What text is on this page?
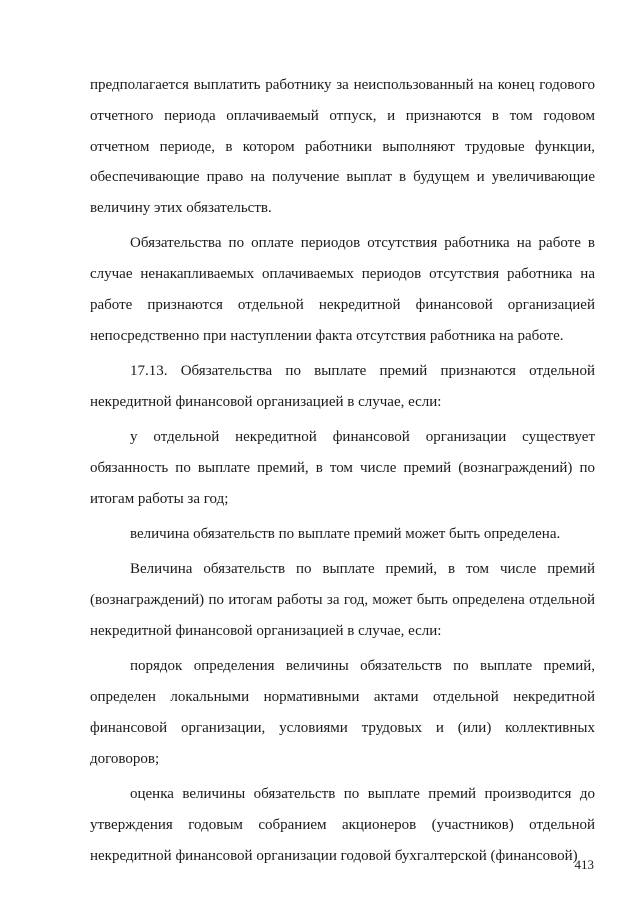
предполагается выплатить работнику за неиспользованный на конец годового отчетного периода оплачиваемый отпуск, и признаются в том годовом отчетном периоде, в котором работники выполняют трудовые функции, обеспечивающие право на получение выплат в будущем и увеличивающие величину этих обязательств.

Обязательства по оплате периодов отсутствия работника на работе в случае ненакапливаемых оплачиваемых периодов отсутствия работника на работе признаются отдельной некредитной финансовой организацией непосредственно при наступлении факта отсутствия работника на работе.

17.13. Обязательства по выплате премий признаются отдельной некредитной финансовой организацией в случае, если:

у отдельной некредитной финансовой организации существует обязанность по выплате премий, в том числе премий (вознаграждений) по итогам работы за год;

величина обязательств по выплате премий может быть определена.

Величина обязательств по выплате премий, в том числе премий (вознаграждений) по итогам работы за год, может быть определена отдельной некредитной финансовой организацией в случае, если:

порядок определения величины обязательств по выплате премий, определен локальными нормативными актами отдельной некредитной финансовой организации, условиями трудовых и (или) коллективных договоров;

оценка величины обязательств по выплате премий производится до утверждения годовым собранием акционеров (участников) отдельной некредитной финансовой организации годовой бухгалтерской (финансовой)

413
